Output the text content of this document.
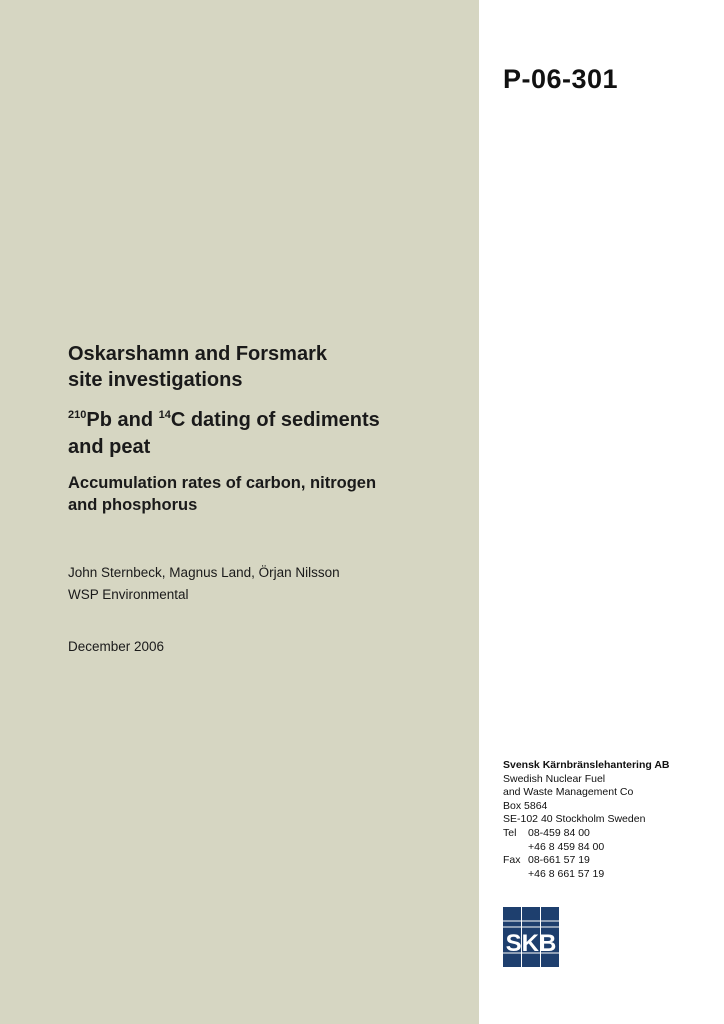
P-06-301
Oskarshamn and Forsmark
site investigations
$^{210}$Pb and $^{14}$C dating of sediments
and peat
Accumulation rates of carbon, nitrogen
and phosphorus
John Sternbeck, Magnus Land, Örjan Nilsson
WSP Environmental
December 2006
Svensk Kärnbränslehantering AB
Swedish Nuclear Fuel
and Waste Management Co
Box 5864
SE-102 40 Stockholm Sweden
Tel	08-459 84 00
+46 8 459 84 00
Fax 08-661 57 19
+46 8 661 57 19
SKB
